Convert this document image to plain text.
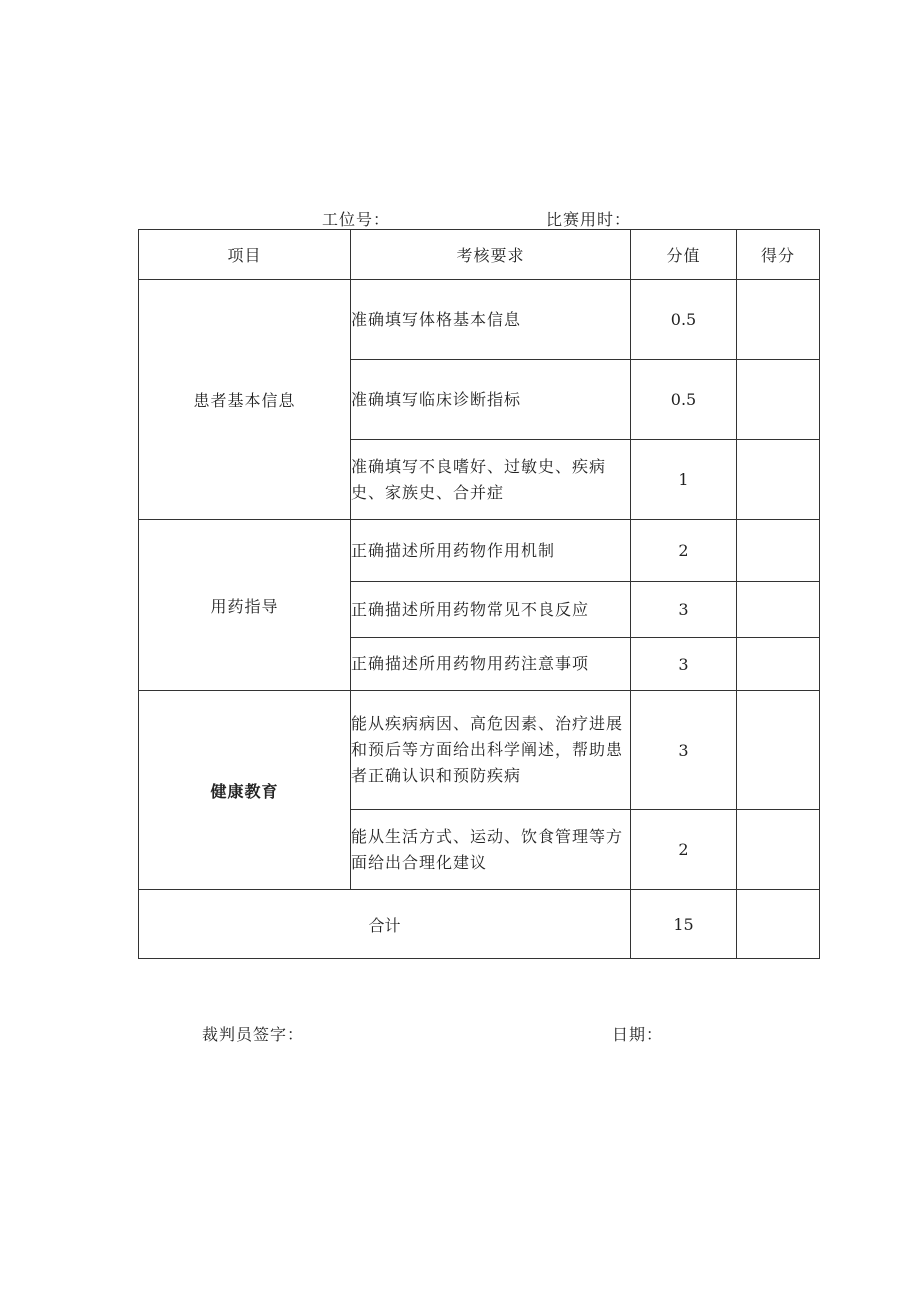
工位号：	比赛用时：
项目	考核要求	分值	得分
患者基本信息	准确填写体格基本信息	0.5	
	准确填写临床诊断指标	0.5	
	准确填写不良嗜好、过敏史、疾病史、家族史、合并症	1	
用药指导	正确描述所用药物作用机制	2	
	正确描述所用药物常见不良反应	3	
	正确描述所用药物用药注意事项	3	
健康教育	能从疾病病因、高危因素、治疗进展和预后等方面给出科学阐述，帮助患者正确认识和预防疾病	3	
	能从生活方式、运动、饮食管理等方面给出合理化建议	2	
合计		15	
裁判员签字：	日期：
